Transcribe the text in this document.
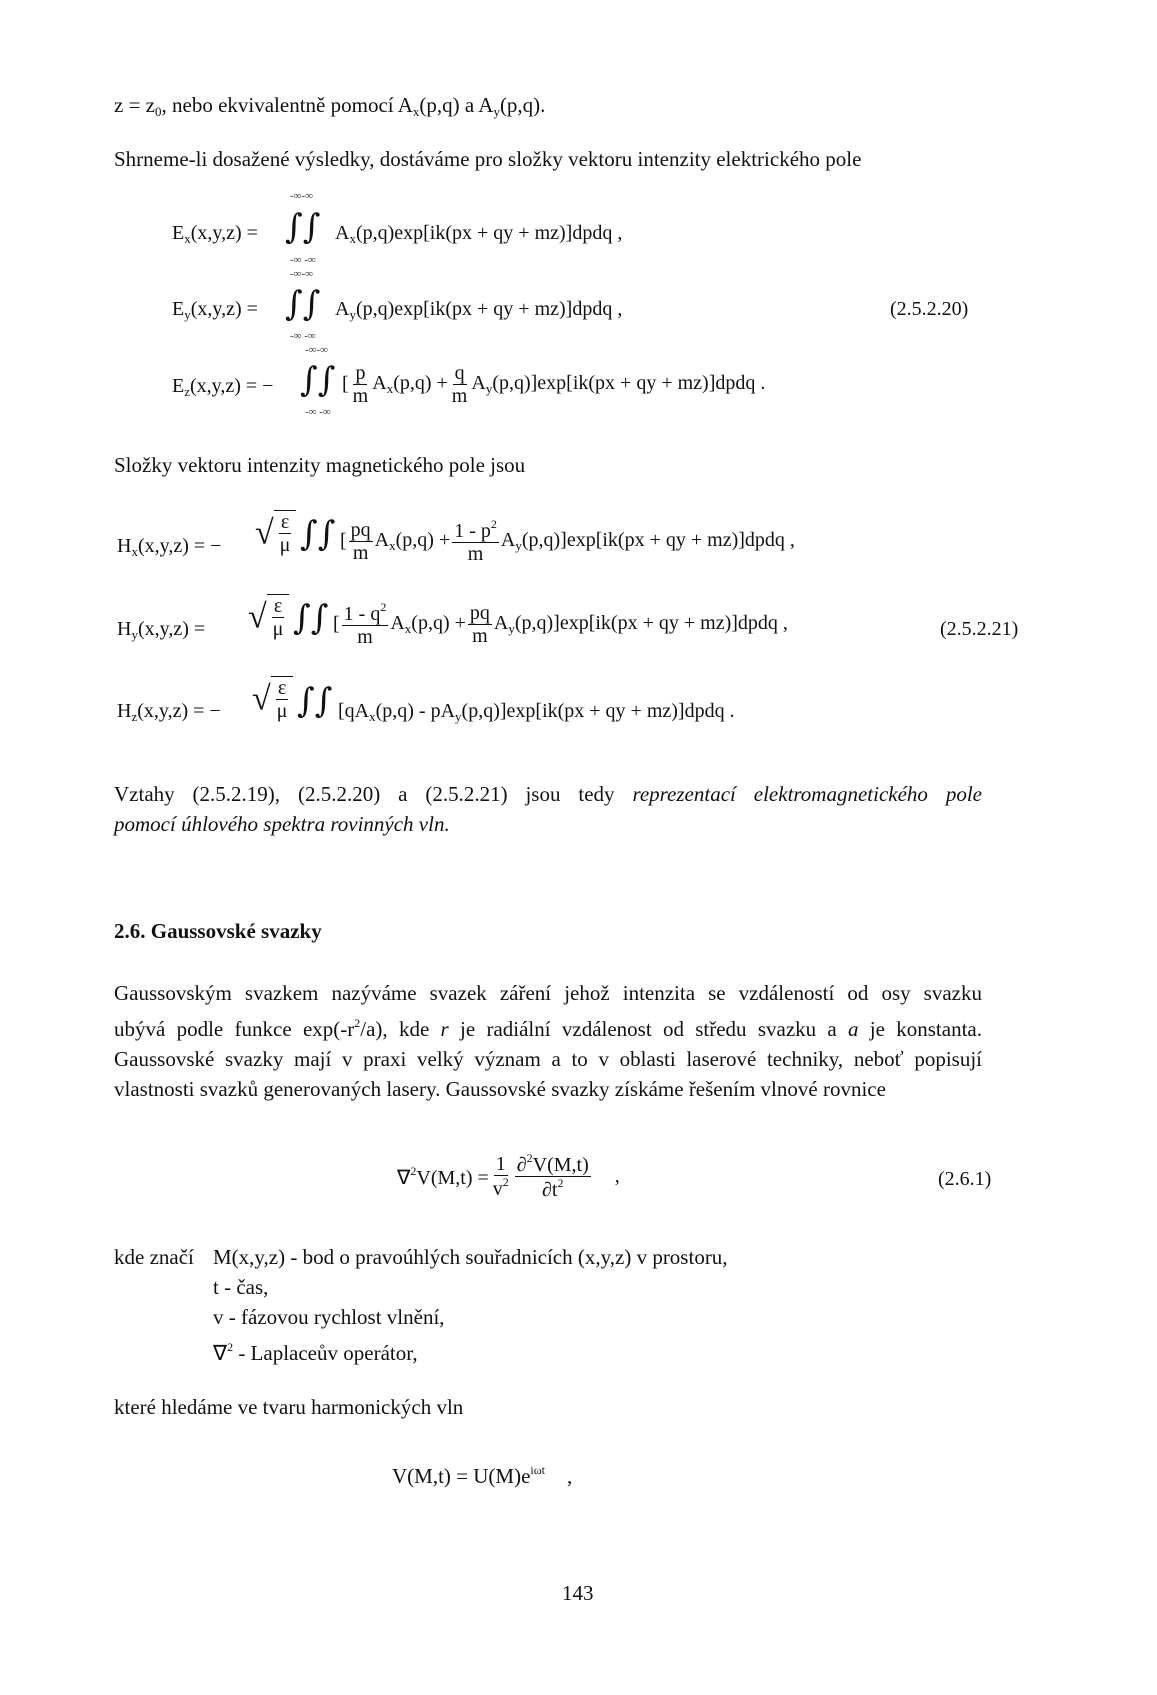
$z = z_0$, nebo ekvivalentně pomocí $A_x(p,q)$ a $A_y(p,q)$.
Shrneme-li dosažené výsledky, dostáváme pro složky vektoru intenzity elektrického pole
$E_x(x,y,z)$ =
-∞-∞
∫∫
-∞ -∞
$A_x(p,q)\exp[ik(px$ + qy + mz)]dpdq ,
$E_y(x,y,z)$ =
-∞-∞
∫∫
-∞ -∞
$A_y(p,q)\exp[ik(px$ + qy + mz)]dpdq ,	(2.5.2.20)
$E_z(x,y,z)$ = −
-∞-∞
∫∫
-∞ -∞
[ $\frac{p}{m} A_x(p,q) + \frac{q}{m} A_y(p,q)]\exp[ik(px$ + qy + mz)]dpdq .
Složky vektoru intenzity magnetického pole jsou
$H_x(x,y,z)$ = − √ $\frac{\varepsilon}{\mu}$ ∫∫ [ $\frac{pq}{m} A_x(p,q) + \frac{1 - p^2}{m} A_y(p,q)]\exp[ik(px$ + qy + mz)]dpdq ,
$H_y(x,y,z)$ = √ $\frac{\varepsilon}{\mu}$ ∫∫ [ $\frac{1 - q^2}{m} A_x(p,q) + \frac{pq}{m} A_y(p,q)]\exp[ik(px$ + qy + mz)]dpdq ,	(2.5.2.21)
$H_z(x,y,z)$ = − √ $\frac{\varepsilon}{\mu}$ ∫∫ $[qA_x(p,q) - pA_y(p,q)]\exp[ik(px$ + qy + mz)]dpdq .
Vztahy (2.5.2.19), (2.5.2.20) a (2.5.2.21) jsou tedy reprezentací elektromagnetického pole
pomocí úhlového spektra rovinných vln.
2.6. Gaussovské svazky
Gaussovským svazkem nazýváme svazek záření jehož intenzita se vzdáleností od osy svazku
ubývá podle funkce $\exp(-r^2/a)$, kde r je radiální vzdálenost od středu svazku a a je konstanta.
Gaussovské svazky mají v praxi velký význam a to v oblasti laserové techniky, neboť popisují
vlastnosti svazků generovaných lasery. Gaussovské svazky získáme řešením vlnové rovnice
$\nabla^2V(M,t) = \frac{1}{v^2} \frac{\partial^2V(M,t)}{\partial t^2}$ ,	(2.6.1)
kde značí M(x,y,z) - bod o pravoúhlých souřadnicích (x,y,z) v prostoru,
t - čas,
v - fázovou rychlost vlnění,
∇$^2$ - Laplaceův operátor,
které hledáme ve tvaru harmonických vln
$V(M,t) = U(M)e^{i\omega t}$ ,
143
